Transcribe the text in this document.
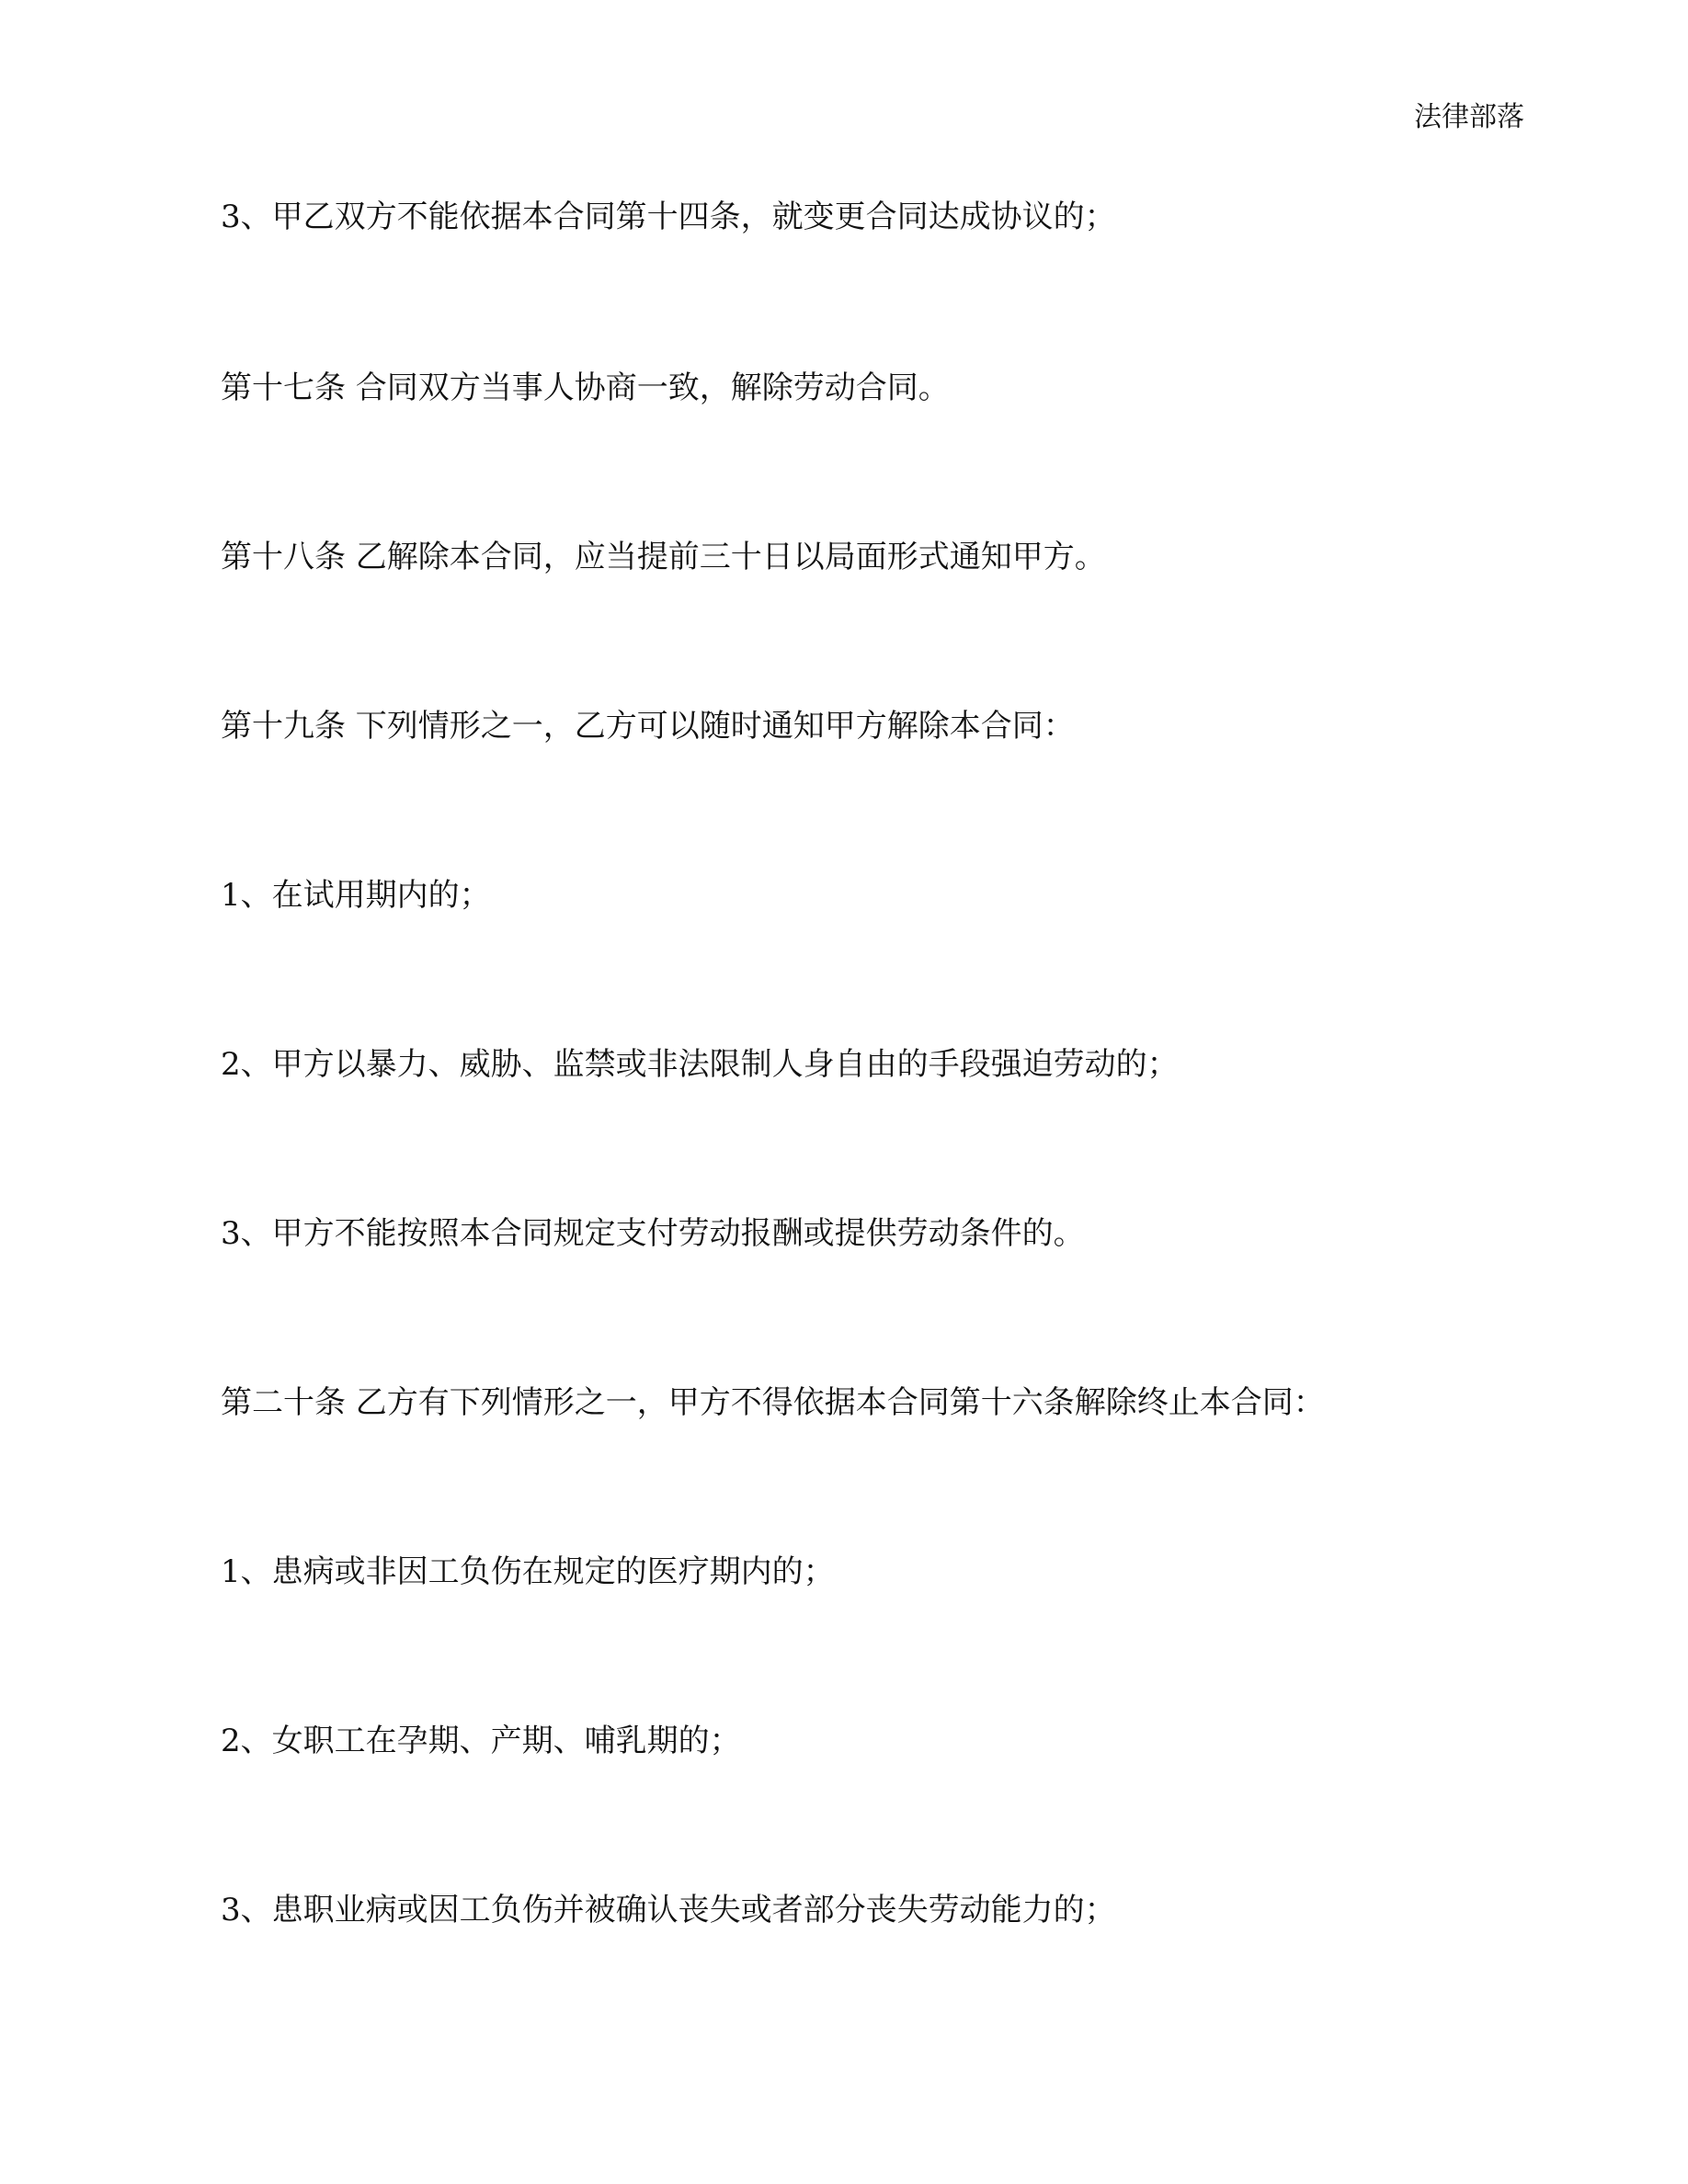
法律部落
3、甲乙双方不能依据本合同第十四条，就变更合同达成协议的；
第十七条 合同双方当事人协商一致，解除劳动合同。
第十八条 乙解除本合同，应当提前三十日以局面形式通知甲方。
第十九条 下列情形之一，乙方可以随时通知甲方解除本合同：
1、在试用期内的；
2、甲方以暴力、威胁、监禁或非法限制人身自由的手段强迫劳动的；
3、甲方不能按照本合同规定支付劳动报酬或提供劳动条件的。
第二十条 乙方有下列情形之一，甲方不得依据本合同第十六条解除终止本合同：
1、患病或非因工负伤在规定的医疗期内的；
2、女职工在孕期、产期、哺乳期的；
3、患职业病或因工负伤并被确认丧失或者部分丧失劳动能力的；
